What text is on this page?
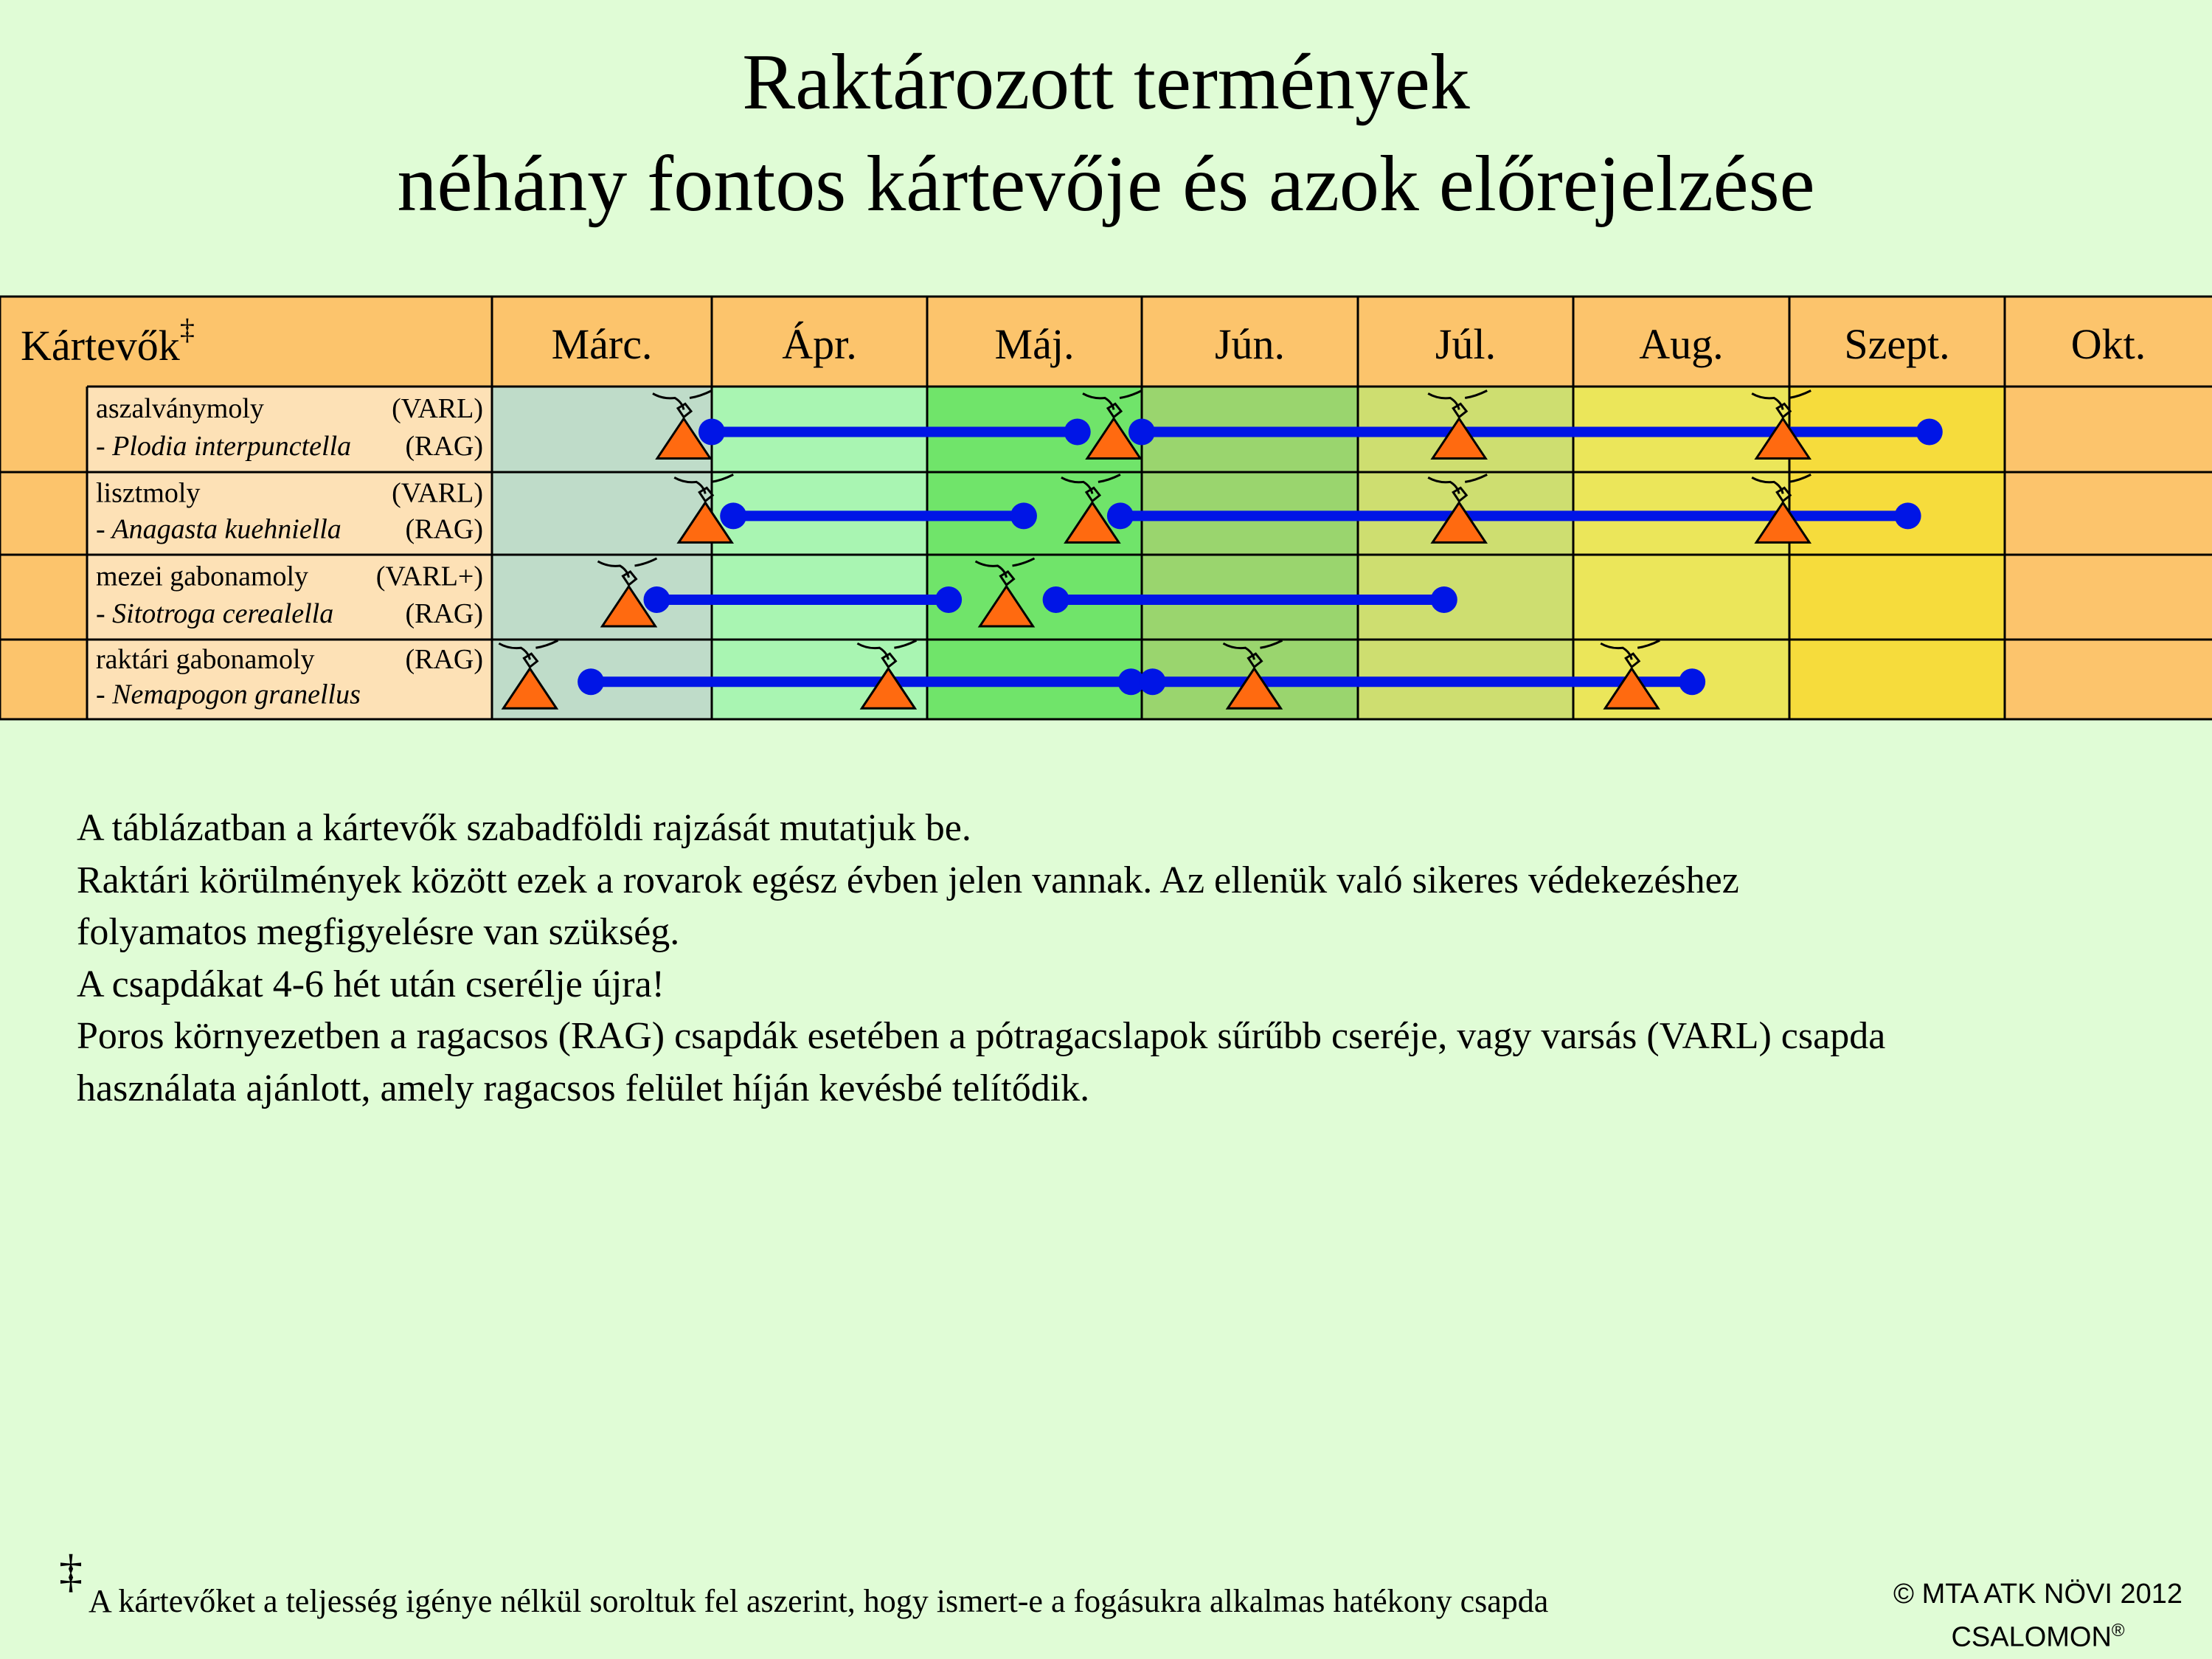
Raktározott termények
néhány fontos kártevője és azok előrejelzése
Kártevők‡	Márc.	Ápr.	Máj.	Jún.	Júl.	Aug.	Szept.	Okt.
aszalványmoly	(VARL)
- Plodia interpunctella (RAG)
lisztmoly	(VARL)
- Anagasta kuehniella (RAG)
mezei gabonamoly (VARL+)
- Sitotroga cerealella	(RAG)
raktári gabonamoly	(RAG)
- Nemapogon granellus
A táblázatban a kártevők szabadföldi rajzását mutatjuk be.
Raktári körülmények között ezek a rovarok egész évben jelen vannak. Az ellenük való sikeres védekezéshez
folyamatos megfigyelésre van szükség.
A csapdákat 4-6 hét után cserélje újra!
Poros környezetben a ragacsos (RAG) csapdák esetében a pótragacslapok sűrűbb cseréje, vagy varsás (VARL) csapda
használata ajánlott, amely ragacsos felület híján kevésbé telítődik.
‡
A kártevőket a teljesség igénye nélkül soroltuk fel aszerint, hogy ismert-e a fogásukra alkalmas hatékony csapda	© MTA ATK NÖVI 2012
CSALOMON®
